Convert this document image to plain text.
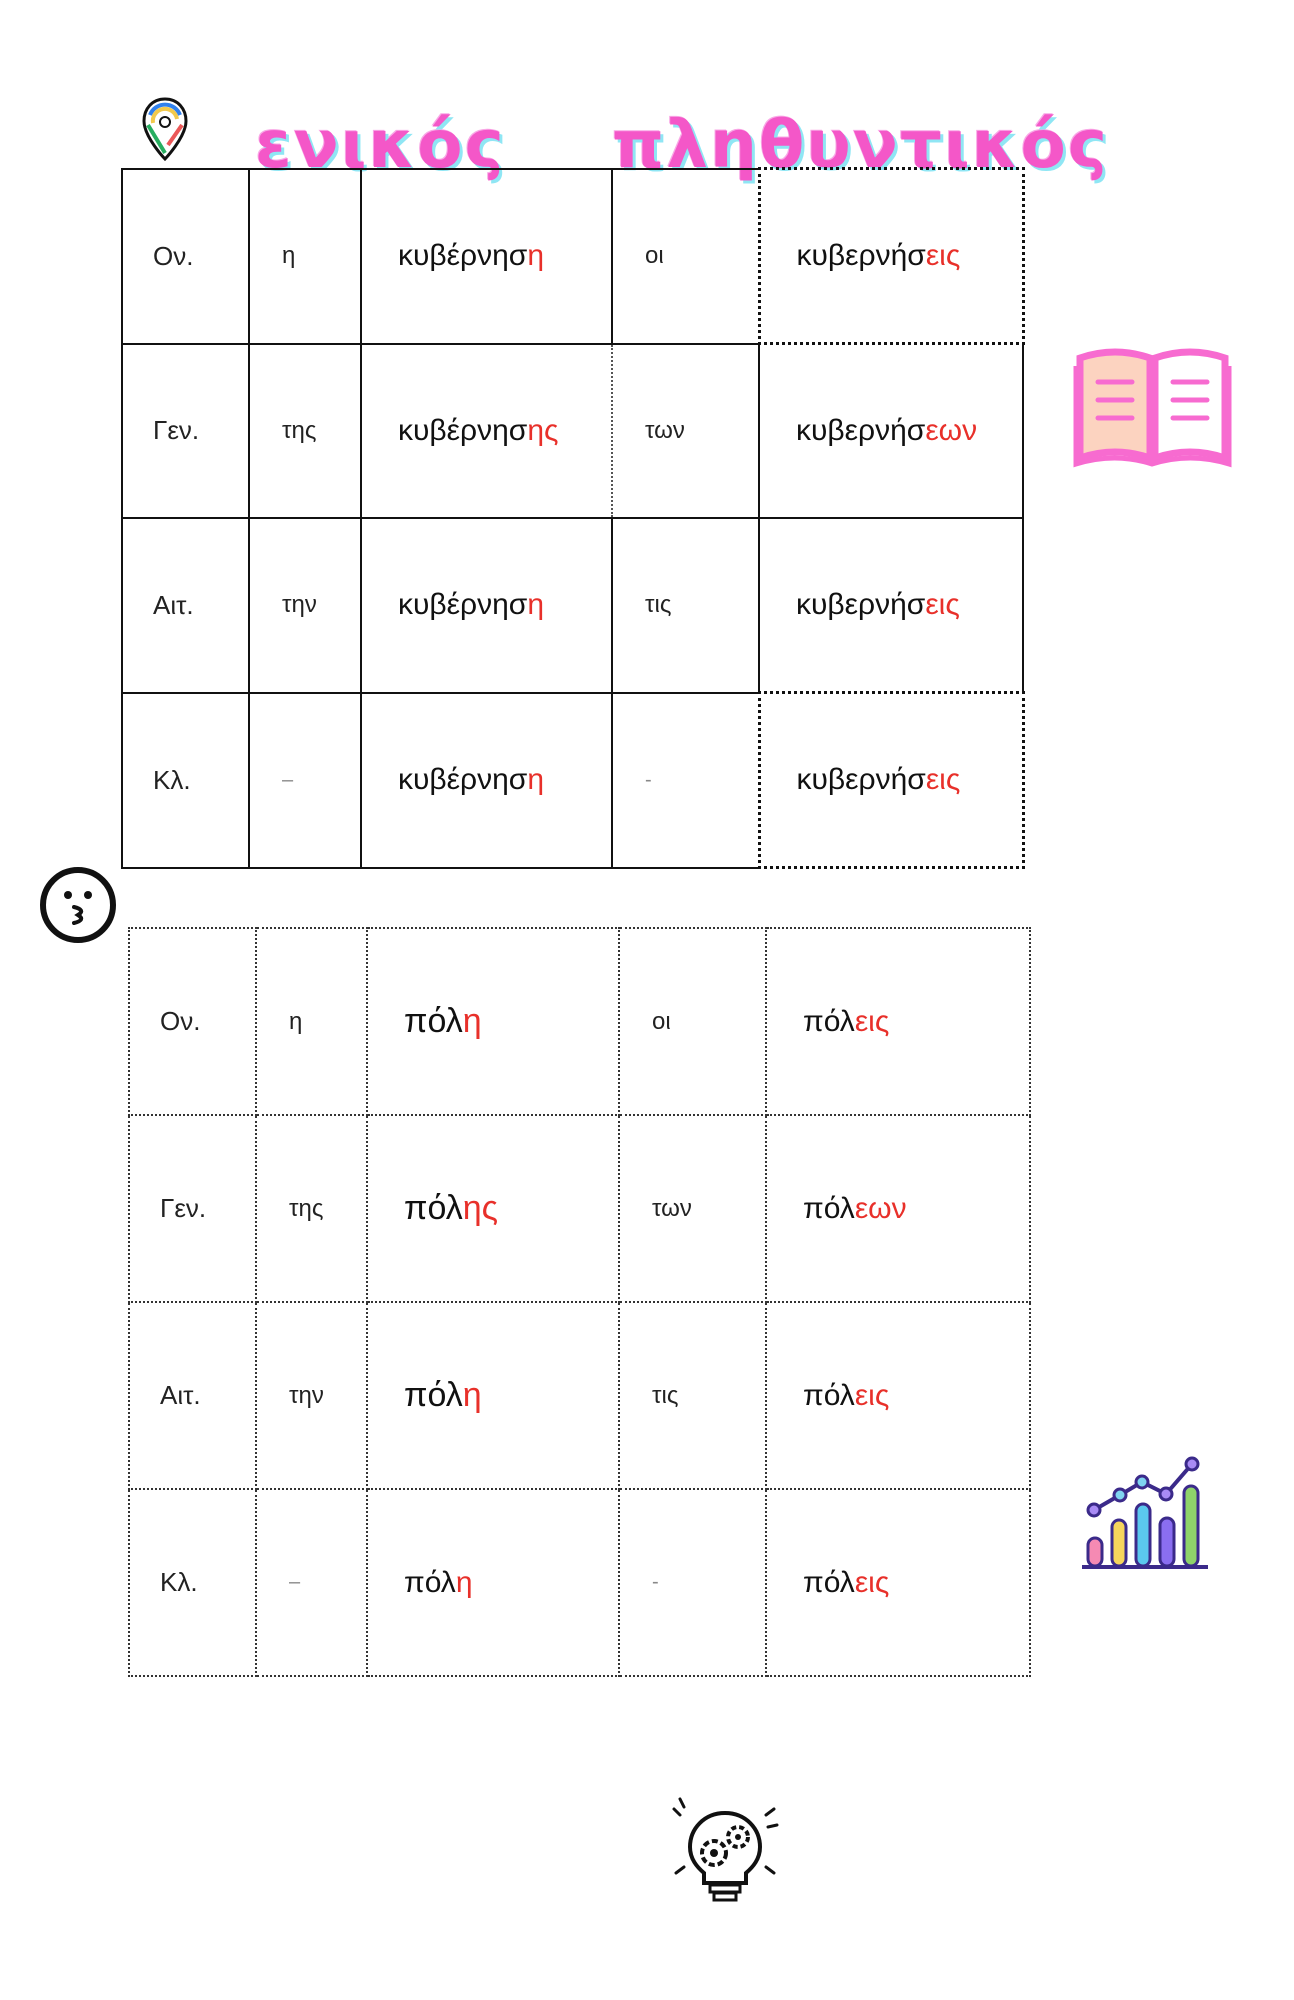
ενικός πληθυντικός
Ον.	η	κυβέρνηση	οι	κυβερνήσεις
Γεν.	της	κυβέρνησης	των	κυβερνήσεων
Αιτ.	την	κυβέρνηση	τις	κυβερνήσεις
Κλ.	–	κυβέρνηση	-	κυβερνήσεις
Ον.	η	πόλη	οι	πόλεις
Γεν.	της	πόλης	των	πόλεων
Αιτ.	την	πόλη	τις	πόλεις
Κλ.	–	πόλη	-	πόλεις
